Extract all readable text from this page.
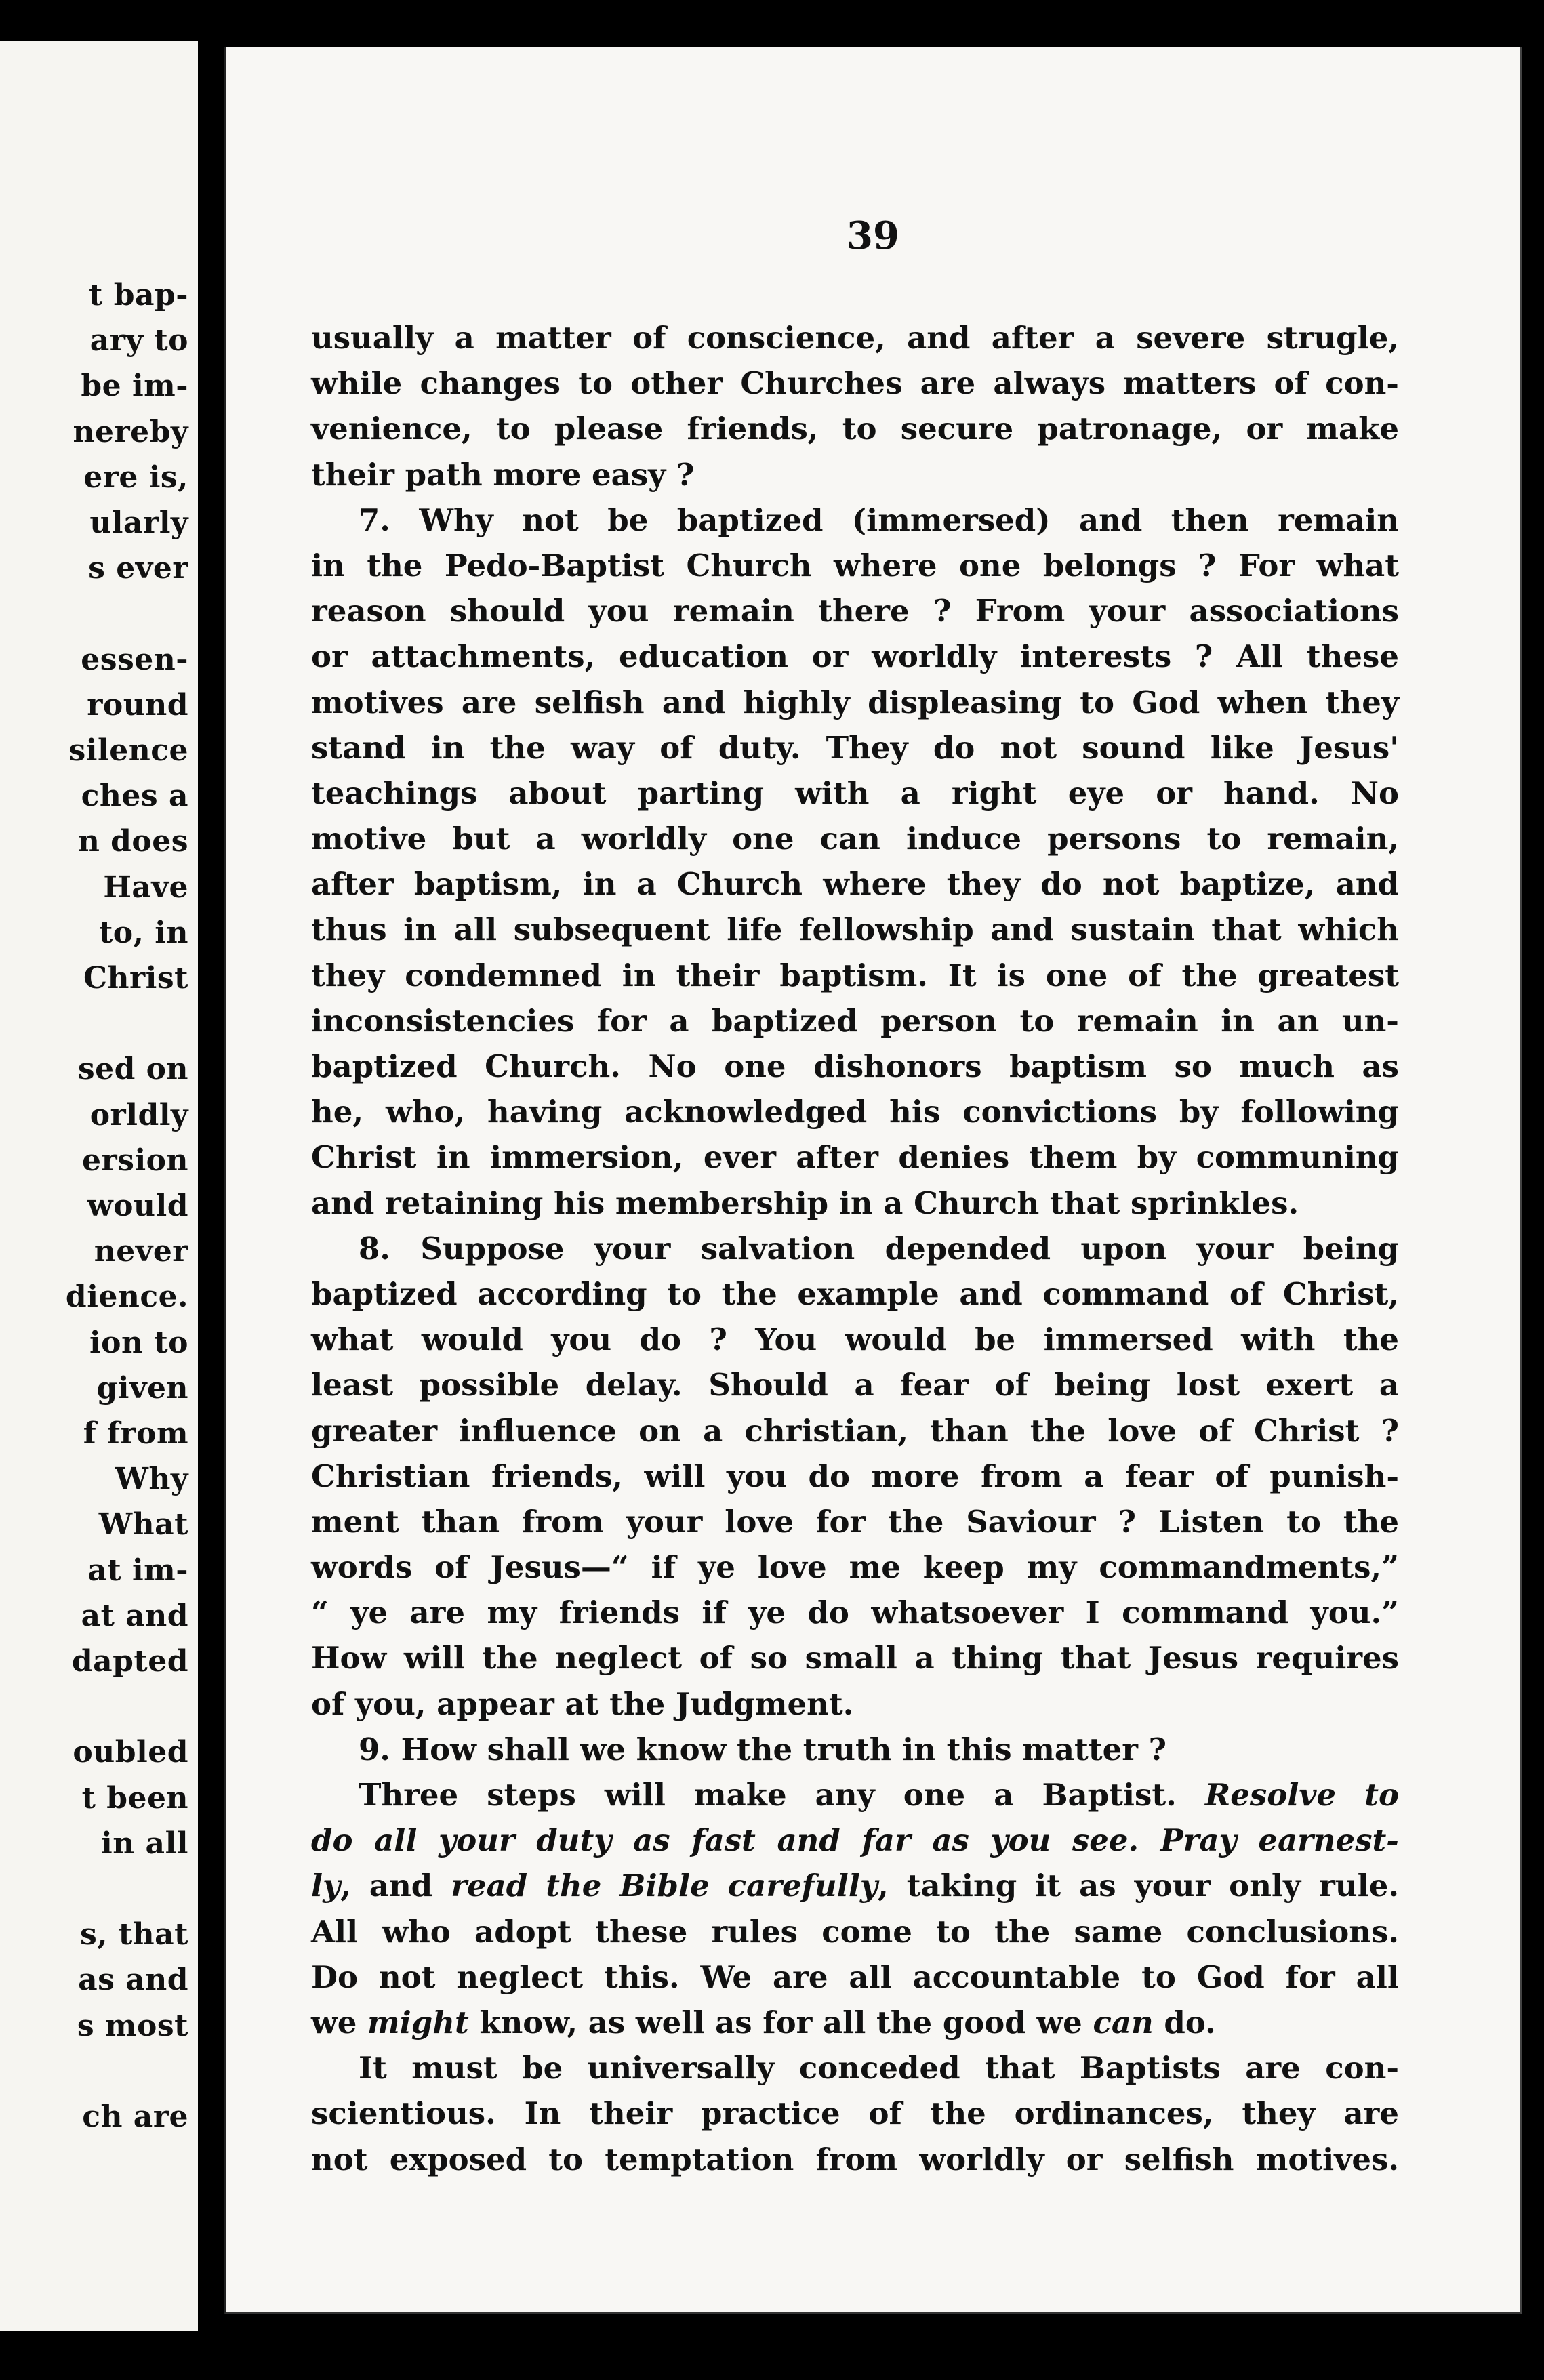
t bap-
ary to
be im-
nereby
ere is,
ularly
s ever
essen-
round
silence
ches a
n does
Have
to, in
Christ
sed on
orldly
ersion
would
never
dience.
ion to
given
f from
Why
What
at im-
at and
dapted
oubled
t been
in all
s, that
as and
s most
ch are
39
usually a matter of conscience, and after a severe strugle,
while changes to other Churches are always matters of con-
venience, to please friends, to secure patronage, or make
their path more easy ?
7. Why not be baptized (immersed) and then remain
in the Pedo-Baptist Church where one belongs ? For what
reason should you remain there ? From your associations
or attachments, education or worldly interests ? All these
motives are selfish and highly displeasing to God when they
stand in the way of duty. They do not sound like Jesus'
teachings about parting with a right eye or hand. No
motive but a worldly one can induce persons to remain,
after baptism, in a Church where they do not baptize, and
thus in all subsequent life fellowship and sustain that which
they condemned in their baptism. It is one of the greatest
inconsistencies for a baptized person to remain in an un-
baptized Church. No one dishonors baptism so much as
he, who, having acknowledged his convictions by following
Christ in immersion, ever after denies them by communing
and retaining his membership in a Church that sprinkles.
8. Suppose your salvation depended upon your being
baptized according to the example and command of Christ,
what would you do ? You would be immersed with the
least possible delay. Should a fear of being lost exert a
greater influence on a christian, than the love of Christ ?
Christian friends, will you do more from a fear of punish-
ment than from your love for the Saviour ? Listen to the
words of Jesus—“ if ye love me keep my commandments,”
“ ye are my friends if ye do whatsoever I command you.”
How will the neglect of so small a thing that Jesus requires
of you, appear at the Judgment.
9. How shall we know the truth in this matter ?
Three steps will make any one a Baptist. Resolve to
do all your duty as fast and far as you see. Pray earnest-
ly, and read the Bible carefully, taking it as your only rule.
All who adopt these rules come to the same conclusions.
Do not neglect this. We are all accountable to God for all
we might know, as well as for all the good we can do.
It must be universally conceded that Baptists are con-
scientious. In their practice of the ordinances, they are
not exposed to temptation from worldly or selfish motives.
